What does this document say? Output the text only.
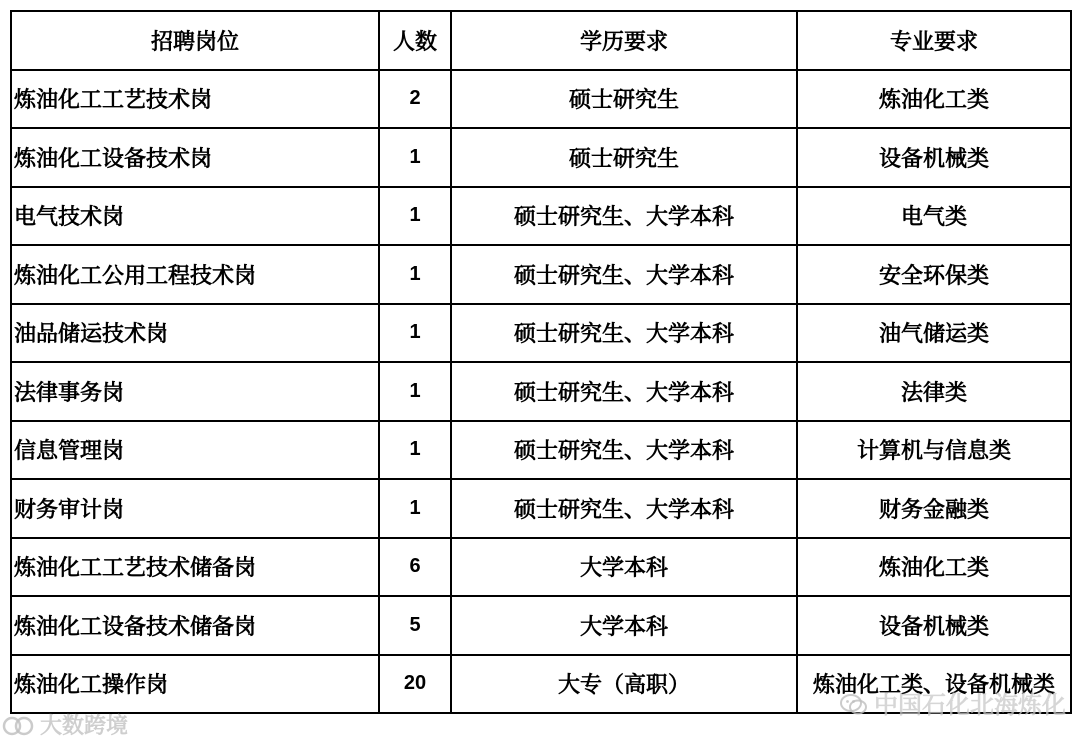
招聘岗位	人数	学历要求	专业要求
炼油化工工艺技术岗	2	硕士研究生	炼油化工类
炼油化工设备技术岗	1	硕士研究生	设备机械类
电气技术岗	1	硕士研究生、大学本科	电气类
炼油化工公用工程技术岗	1	硕士研究生、大学本科	安全环保类
油品储运技术岗	1	硕士研究生、大学本科	油气储运类
法律事务岗	1	硕士研究生、大学本科	法律类
信息管理岗	1	硕士研究生、大学本科	计算机与信息类
财务审计岗	1	硕士研究生、大学本科	财务金融类
炼油化工工艺技术储备岗	6	大学本科	炼油化工类
炼油化工设备技术储备岗	5	大学本科	设备机械类
炼油化工操作岗	20	大专（高职）	炼油化工类、设备机械类
中国石化北海炼化
大数跨境
